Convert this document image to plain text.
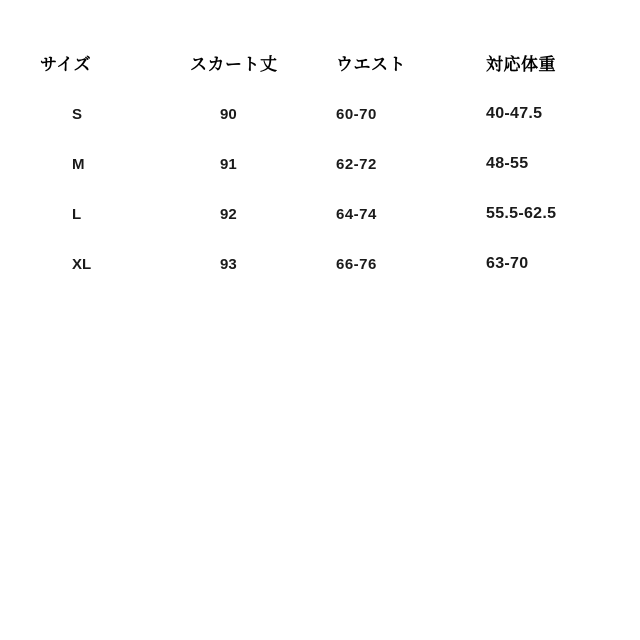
サイズ	スカート丈	ウエスト	対応体重
S	90	60-70	40-47.5
M	91	62-72	48-55
L	92	64-74	55.5-62.5
XL	93	66-76	63-70
